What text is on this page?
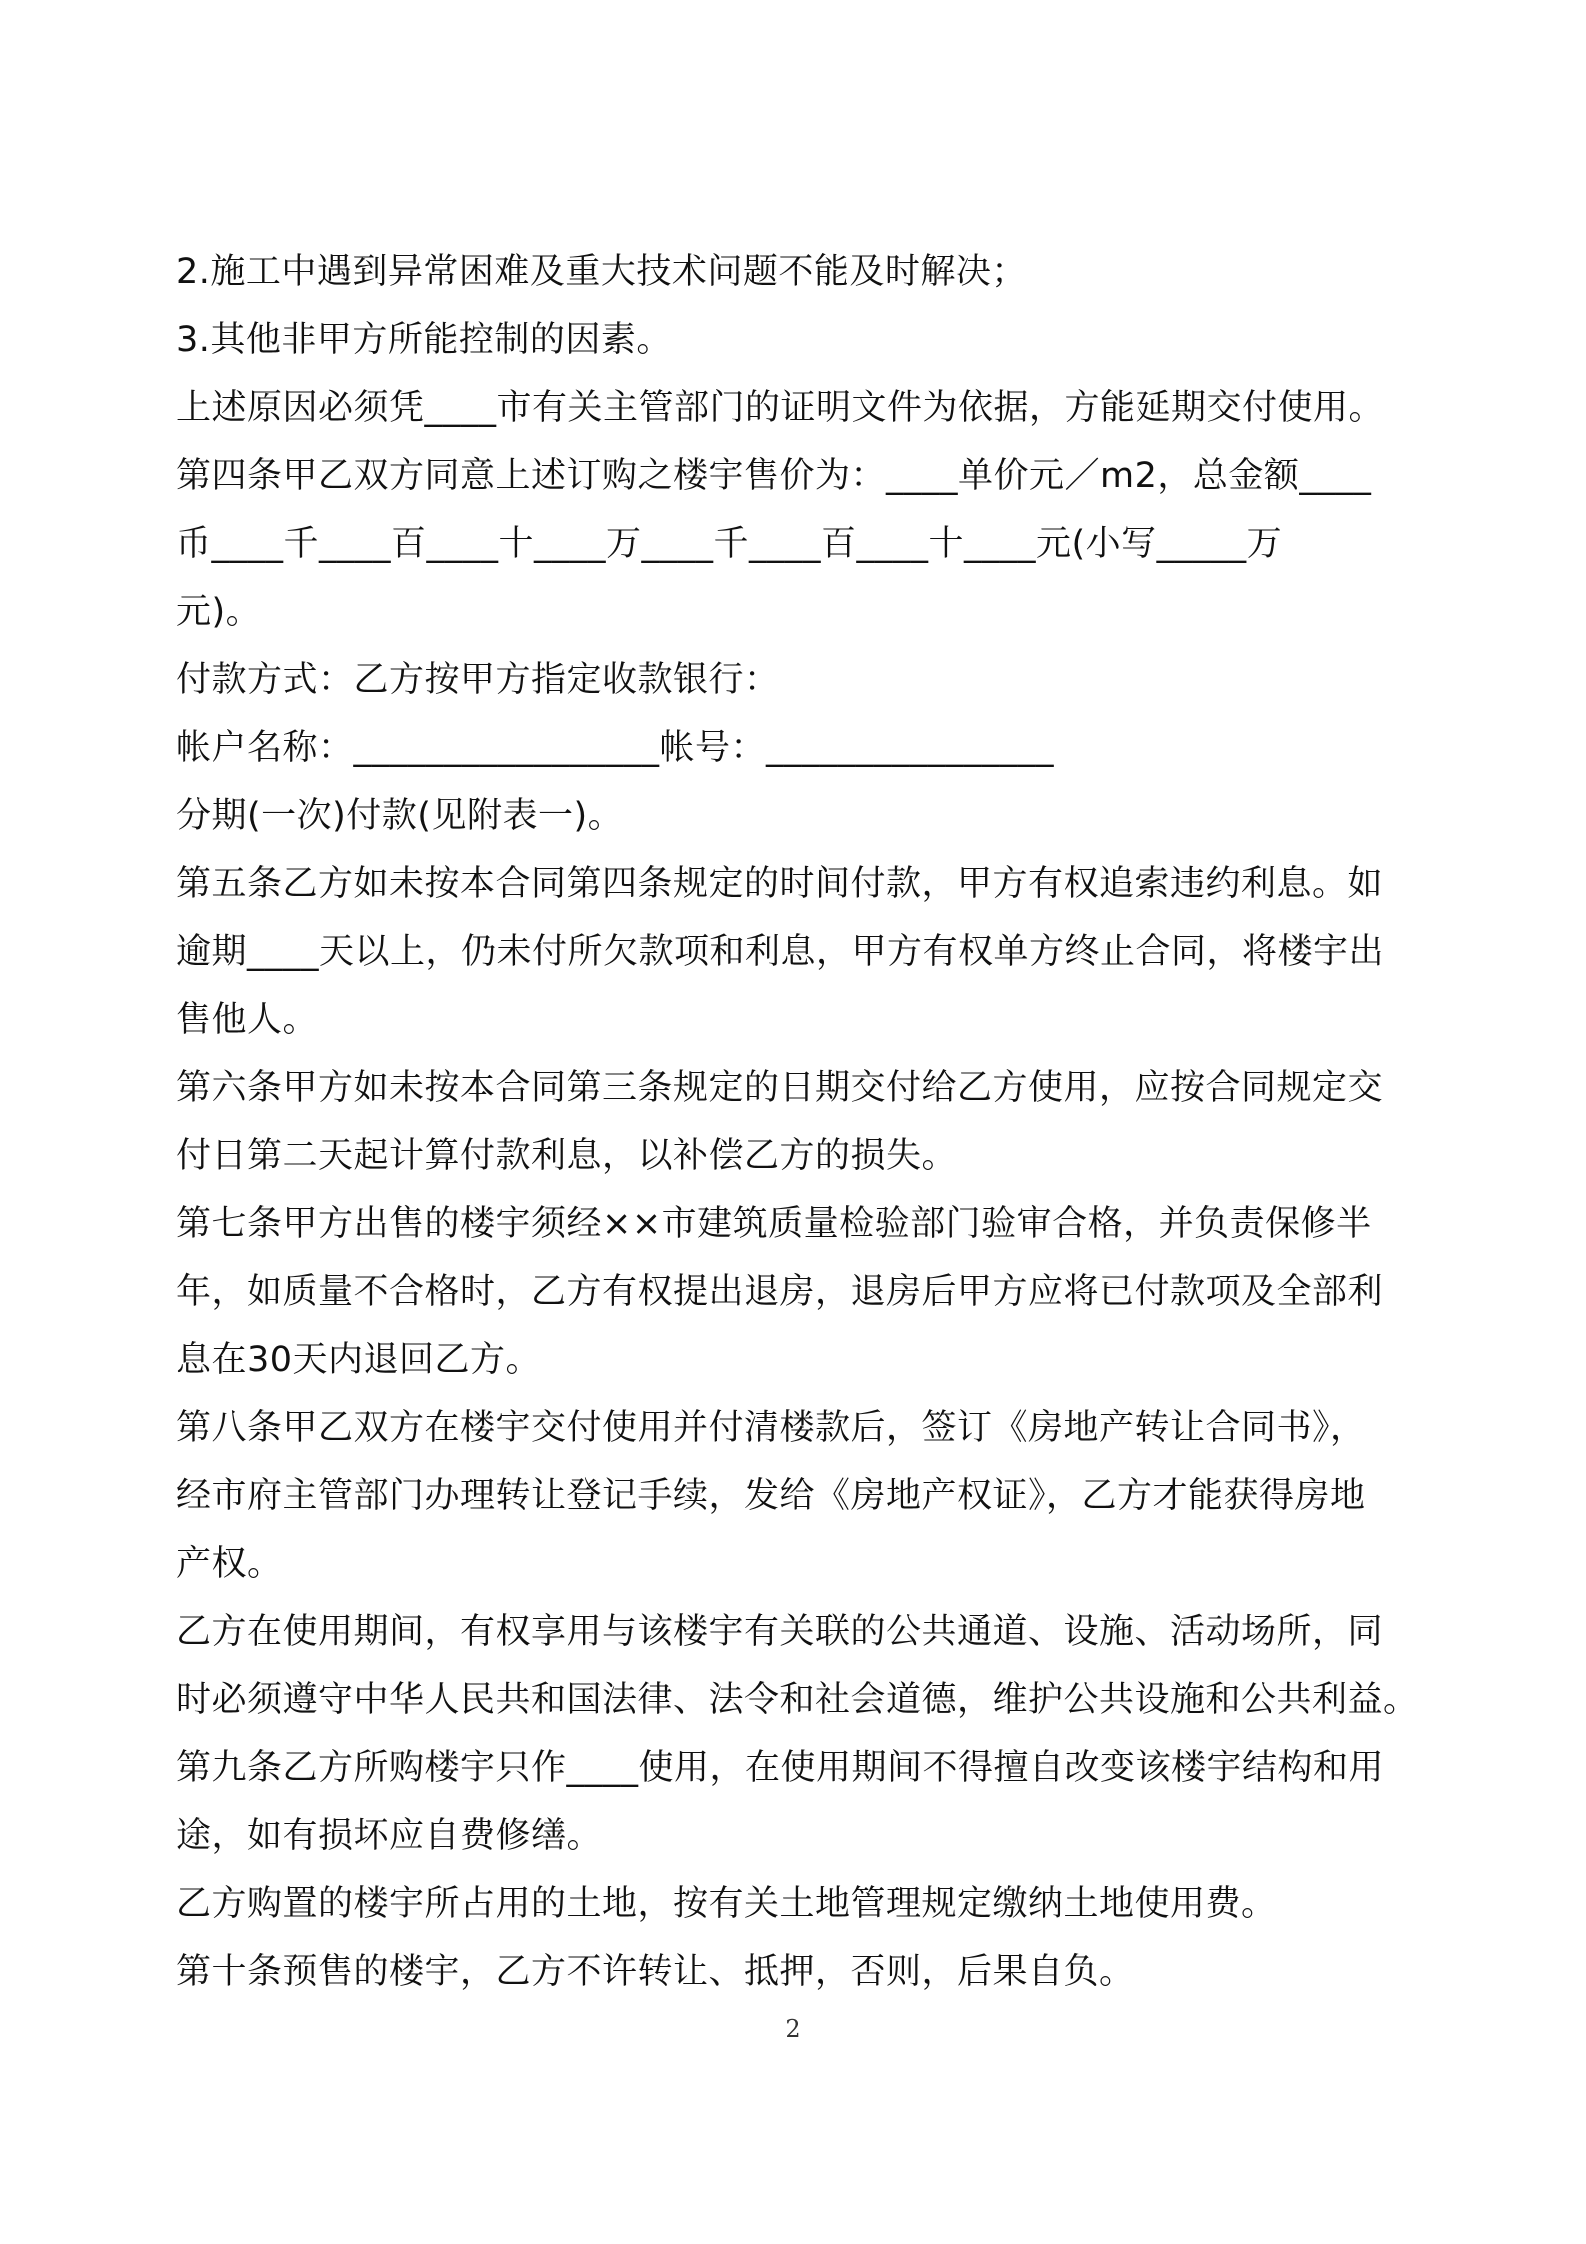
2.施工中遇到异常困难及重大技术问题不能及时解决；
3.其他非甲方所能控制的因素。
上述原因必须凭____市有关主管部门的证明文件为依据，方能延期交付使用。
第四条甲乙双方同意上述订购之楼宇售价为：____单价元／m2，总金额____
币____千____百____十____万____千____百____十____元(小写_____万
元)。
付款方式：乙方按甲方指定收款银行：
帐户名称：_________________帐号：________________
分期(一次)付款(见附表一)。
第五条乙方如未按本合同第四条规定的时间付款，甲方有权追索违约利息。如
逾期____天以上，仍未付所欠款项和利息，甲方有权单方终止合同，将楼宇出
售他人。
第六条甲方如未按本合同第三条规定的日期交付给乙方使用，应按合同规定交
付日第二天起计算付款利息，以补偿乙方的损失。
第七条甲方出售的楼宇须经××市建筑质量检验部门验审合格，并负责保修半
年，如质量不合格时，乙方有权提出退房，退房后甲方应将已付款项及全部利
息在30天内退回乙方。
第八条甲乙双方在楼宇交付使用并付清楼款后，签订《房地产转让合同书》，
经市府主管部门办理转让登记手续，发给《房地产权证》，乙方才能获得房地
产权。
乙方在使用期间，有权享用与该楼宇有关联的公共通道、设施、活动场所，同
时必须遵守中华人民共和国法律、法令和社会道德，维护公共设施和公共利益。
第九条乙方所购楼宇只作____使用，在使用期间不得擅自改变该楼宇结构和用
途，如有损坏应自费修缮。
乙方购置的楼宇所占用的土地，按有关土地管理规定缴纳土地使用费。
第十条预售的楼宇，乙方不许转让、抵押，否则，后果自负。
2
